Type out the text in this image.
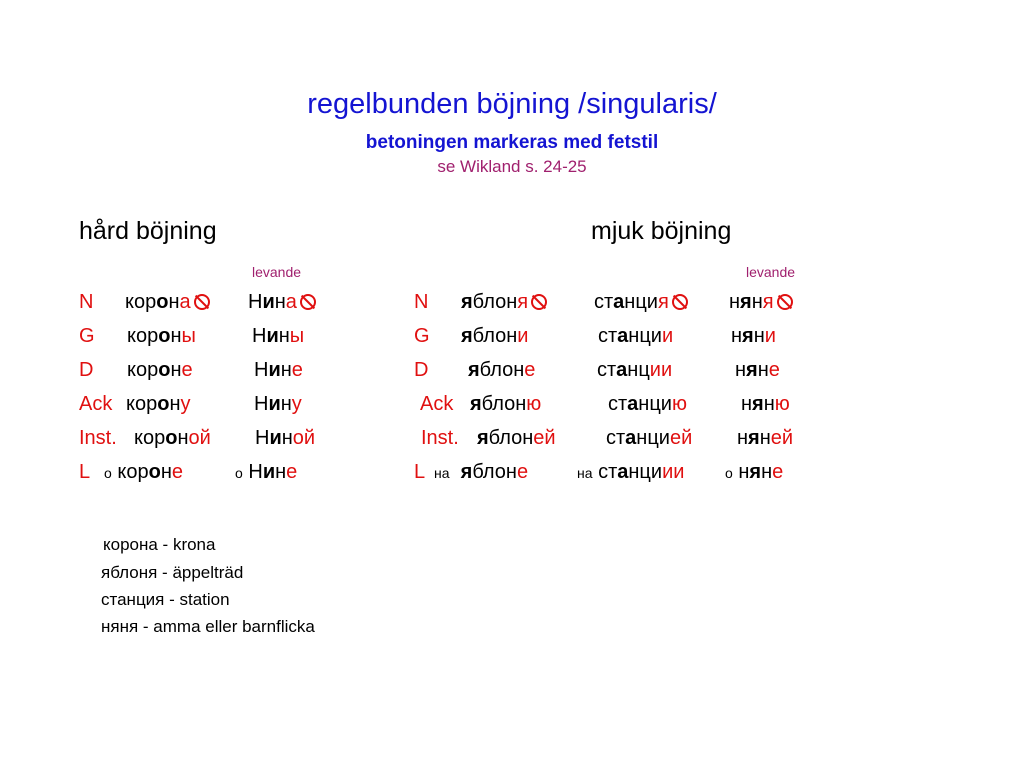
regelbunden böjning /singularis/
betoningen markeras med fetstil
se Wikland s. 24-25
hård böjning	mjuk böjning
levande	levande
N корона	Нина
G короны	Нины
D короне	Нине
Ack корону	Нину
Inst. короной Ниной
L о короне	о Нине
N яблоня	станция	няня
G яблони	станции	няни
D яблоне	станции	няне
Ack яблоню	станцию	няню
Inst. яблоней	станцией няней
L на яблоне	на станциии	о няне
корона - krona
яблоня - äppelträd
станция - station
няня - amma eller barnflicka
